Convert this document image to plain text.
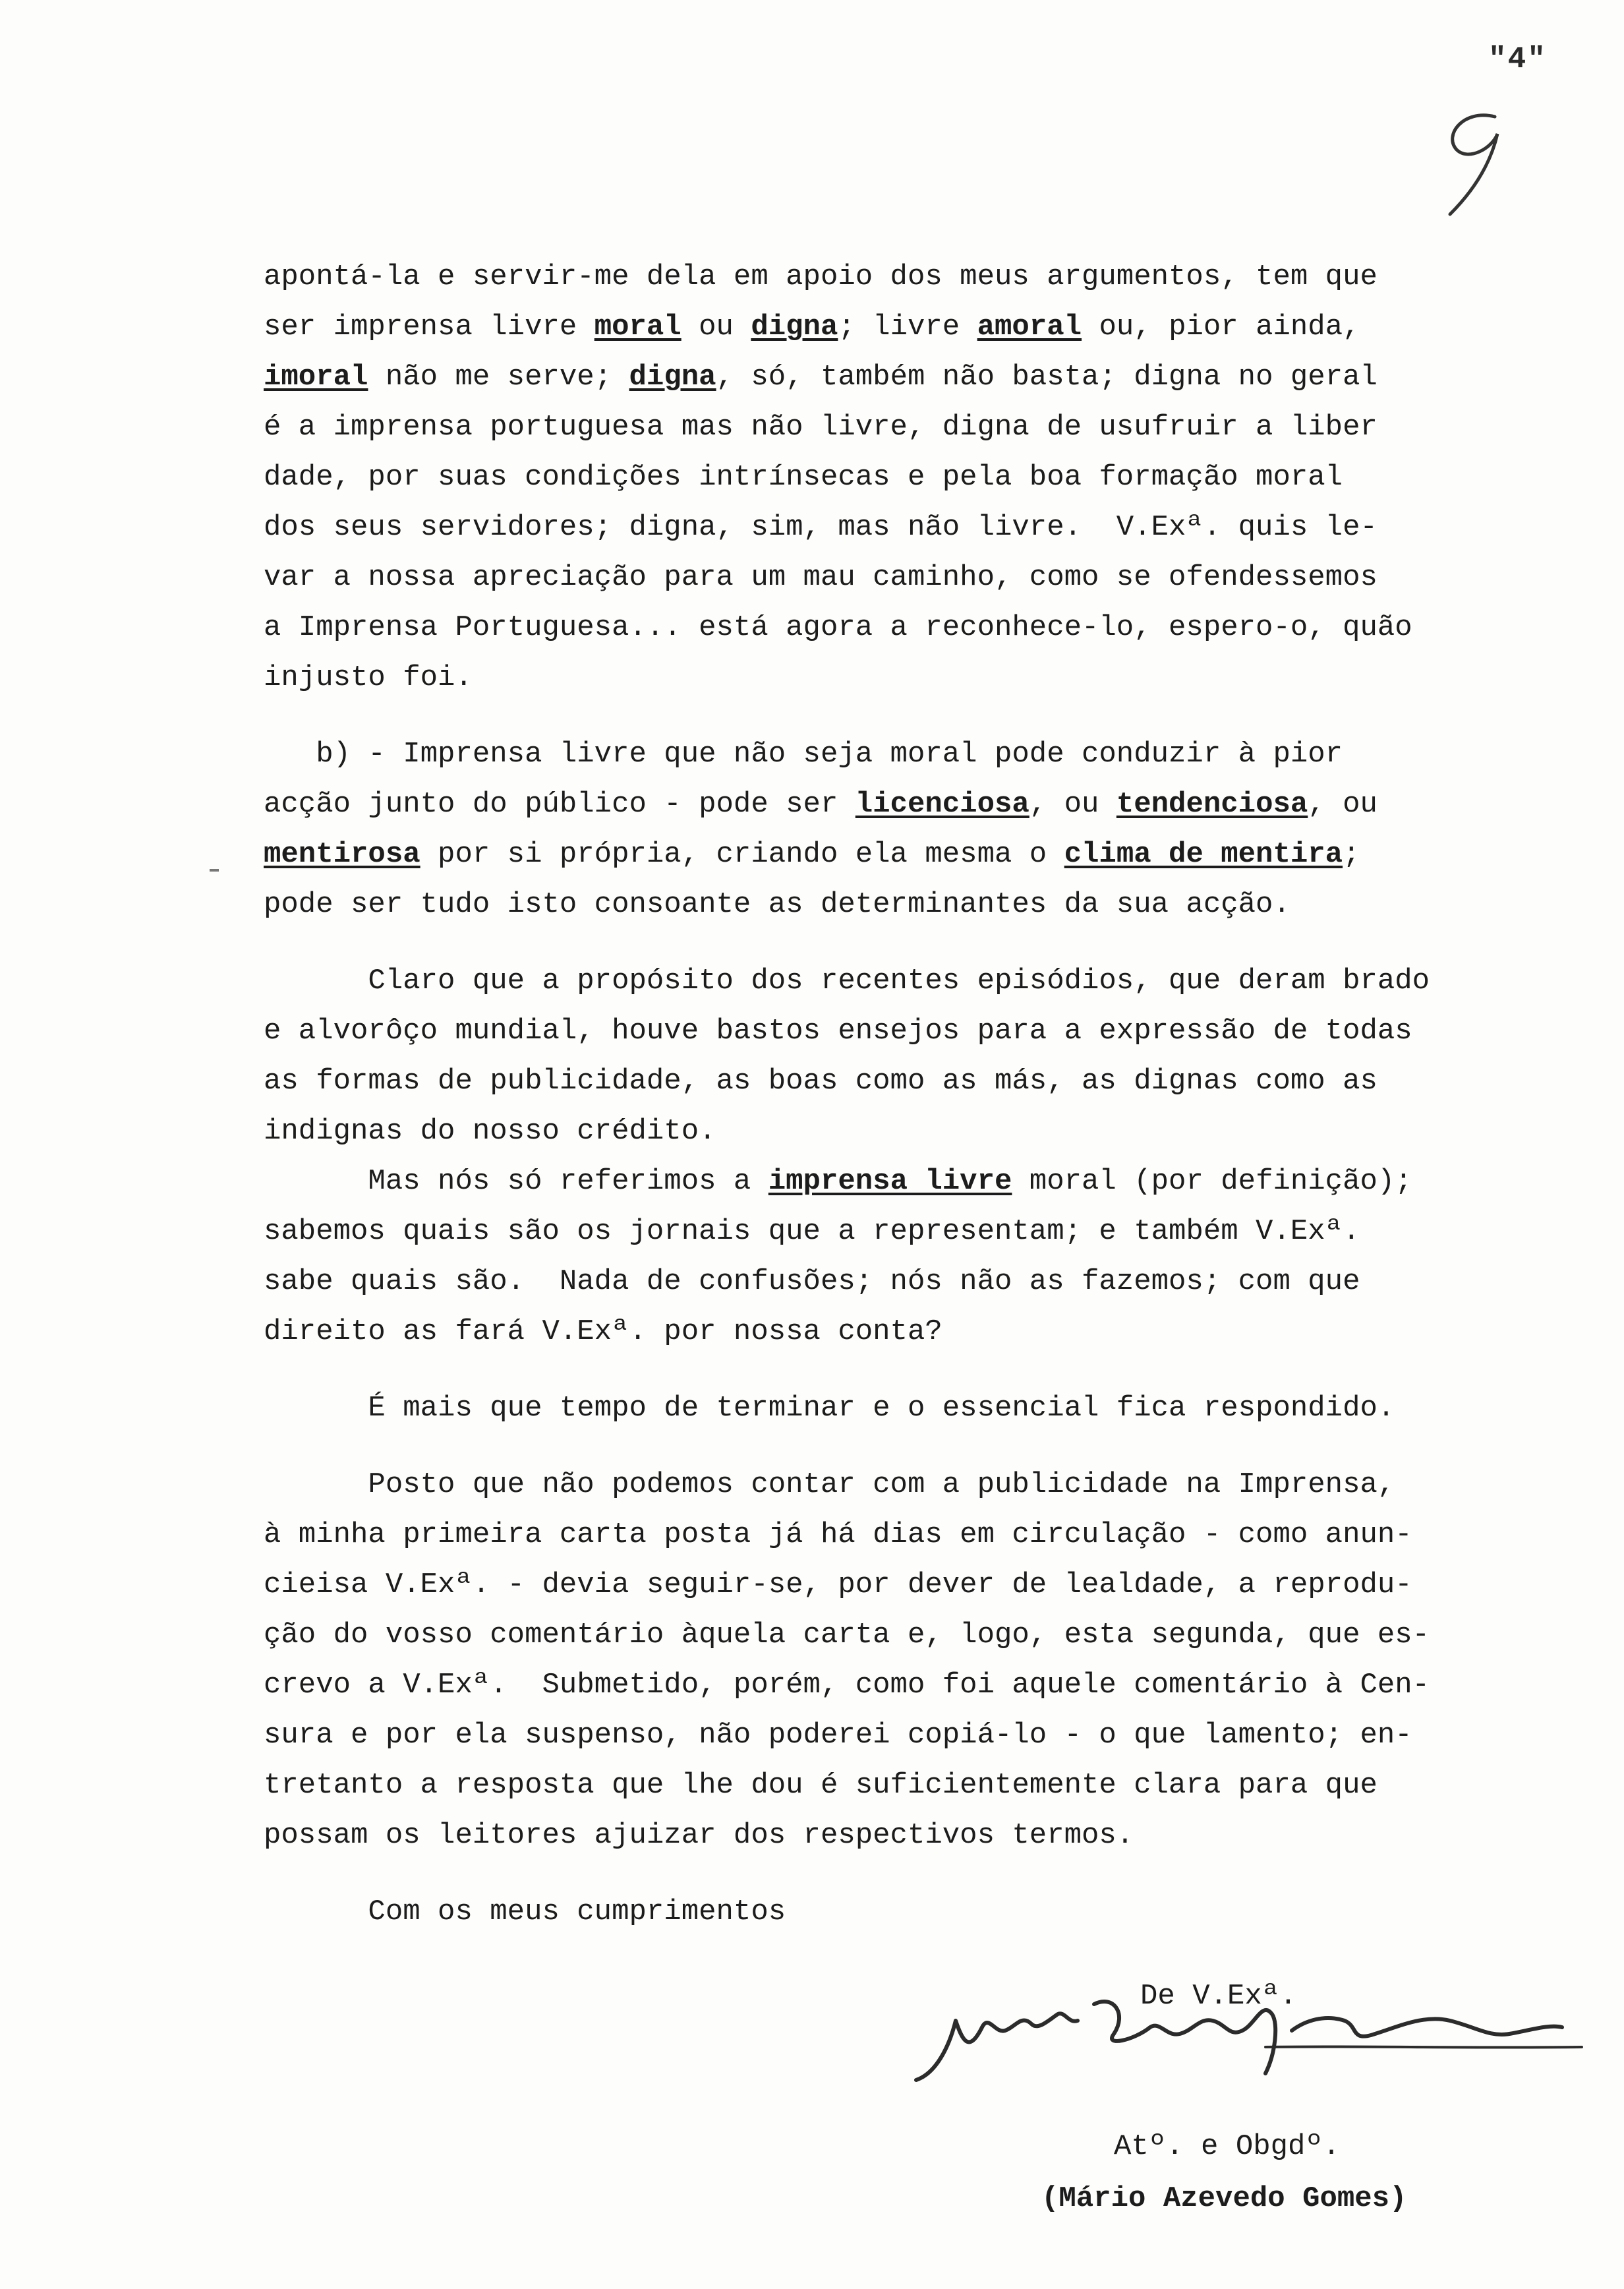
"4"
apontá-la e servir-me dela em apoio dos meus argumentos, tem que
ser imprensa livre moral ou digna; livre amoral ou, pior ainda,
imoral não me serve; digna, só, também não basta; digna no geral
é a imprensa portuguesa mas não livre, digna de usufruir a liber
dade, por suas condições intrínsecas e pela boa formação moral
dos seus servidores; digna, sim, mas não livre.  V.Exª. quis le-
var a nossa apreciação para um mau caminho, como se ofendessemos
a Imprensa Portuguesa... está agora a reconhece-lo, espero-o, quão
injusto foi.
b) - Imprensa livre que não seja moral pode conduzir à pior
acção junto do público - pode ser licenciosa, ou tendenciosa, ou
mentirosa por si própria, criando ela mesma o clima de mentira;
pode ser tudo isto consoante as determinantes da sua acção.
Claro que a propósito dos recentes episódios, que deram brado
e alvorôço mundial, houve bastos ensejos para a expressão de todas
as formas de publicidade, as boas como as más, as dignas como as
indignas do nosso crédito.
Mas nós só referimos a imprensa livre moral (por definição);
sabemos quais são os jornais que a representam; e também V.Exª.
sabe quais são.  Nada de confusões; nós não as fazemos; com que
direito as fará V.Exª. por nossa conta?
É mais que tempo de terminar e o essencial fica respondido.
Posto que não podemos contar com a publicidade na Imprensa,
à minha primeira carta posta já há dias em circulação - como anun-
cieisa V.Exª. - devia seguir-se, por dever de lealdade, a reprodu-
ção do vosso comentário àquela carta e, logo, esta segunda, que es-
crevo a V.Exª.  Submetido, porém, como foi aquele comentário à Cen-
sura e por ela suspenso, não poderei copiá-lo - o que lamento; en-
tretanto a resposta que lhe dou é suficientemente clara para que
possam os leitores ajuizar dos respectivos termos.
Com os meus cumprimentos

De V.Exª.

Atº. e Obgdº.

(Mário Azevedo Gomes)
